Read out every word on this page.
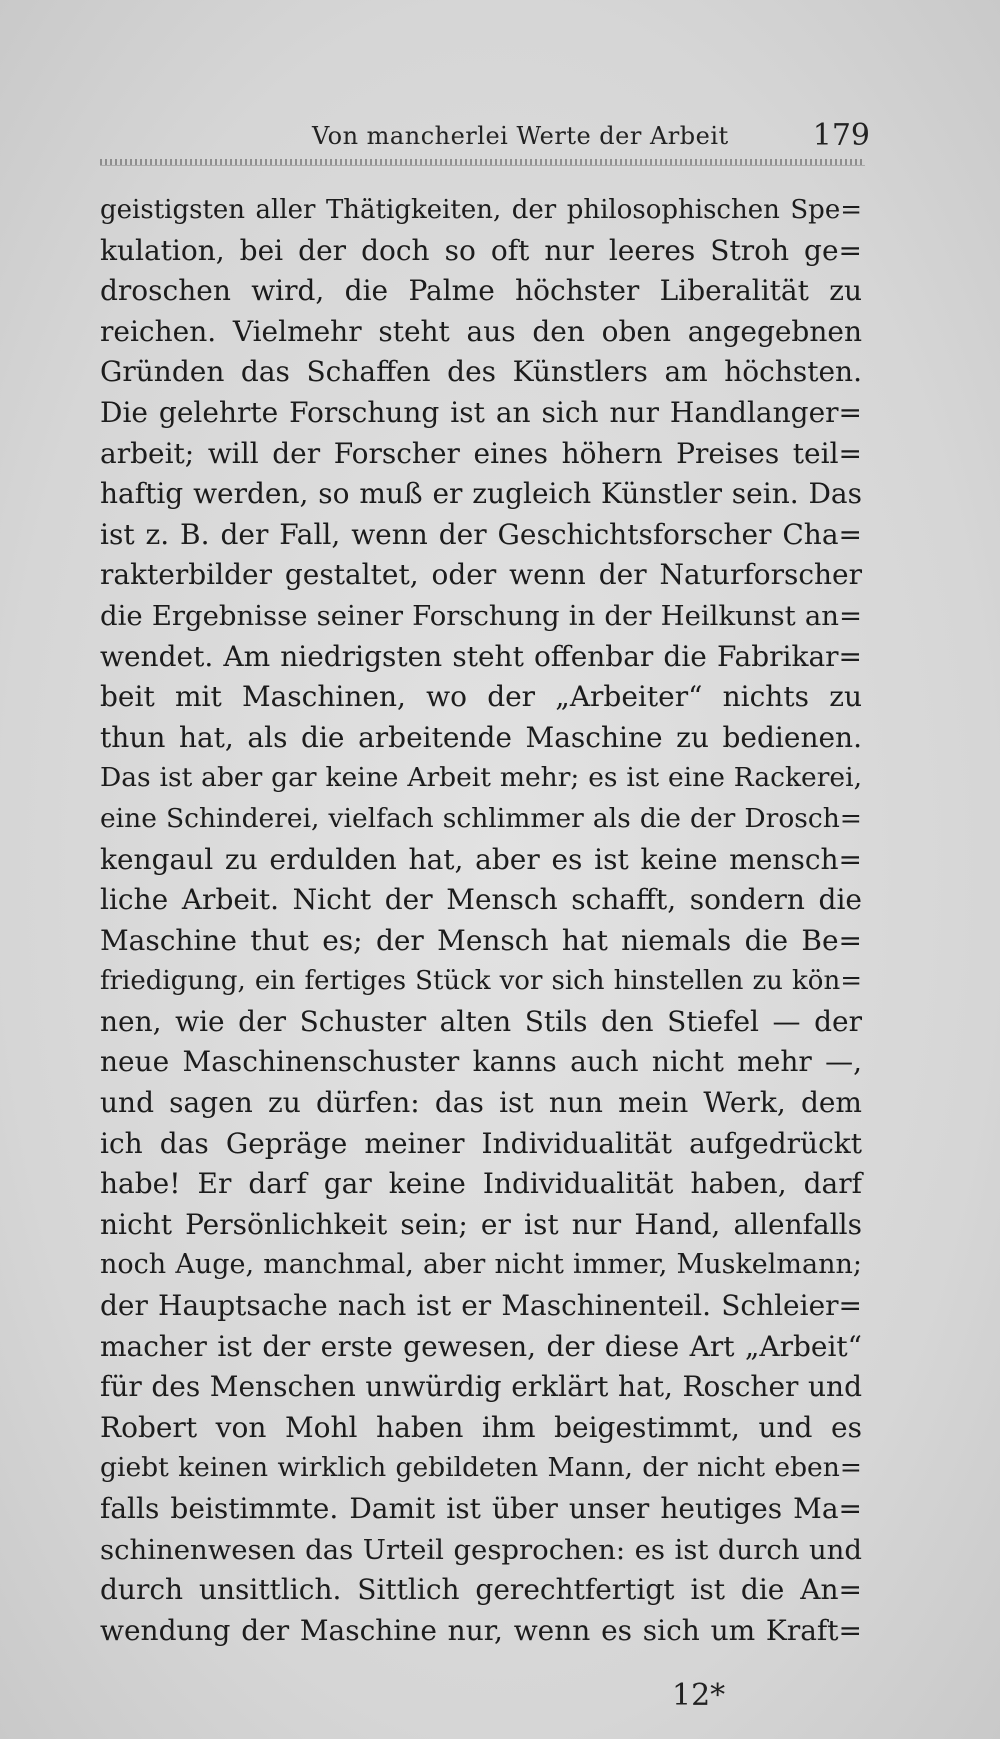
Von mancherlei Werte der Arbeit	179
geistigsten aller Thätigkeiten, der philosophischen Spe=
kulation, bei der doch so oft nur leeres Stroh ge=
droschen wird, die Palme höchster Liberalität zu
reichen. Vielmehr steht aus den oben angegebnen
Gründen das Schaffen des Künstlers am höchsten.
Die gelehrte Forschung ist an sich nur Handlanger=
arbeit; will der Forscher eines höhern Preises teil=
haftig werden, so muß er zugleich Künstler sein. Das
ist z. B. der Fall, wenn der Geschichtsforscher Cha=
rakterbilder gestaltet, oder wenn der Naturforscher
die Ergebnisse seiner Forschung in der Heilkunst an=
wendet. Am niedrigsten steht offenbar die Fabrikar=
beit mit Maschinen, wo der „Arbeiter“ nichts zu
thun hat, als die arbeitende Maschine zu bedienen.
Das ist aber gar keine Arbeit mehr; es ist eine Rackerei,
eine Schinderei, vielfach schlimmer als die der Drosch=
kengaul zu erdulden hat, aber es ist keine mensch=
liche Arbeit. Nicht der Mensch schafft, sondern die
Maschine thut es; der Mensch hat niemals die Be=
friedigung, ein fertiges Stück vor sich hinstellen zu kön=
nen, wie der Schuster alten Stils den Stiefel — der
neue Maschinenschuster kanns auch nicht mehr —,
und sagen zu dürfen: das ist nun mein Werk, dem
ich das Gepräge meiner Individualität aufgedrückt
habe! Er darf gar keine Individualität haben, darf
nicht Persönlichkeit sein; er ist nur Hand, allenfalls
noch Auge, manchmal, aber nicht immer, Muskelmann;
der Hauptsache nach ist er Maschinenteil. Schleier=
macher ist der erste gewesen, der diese Art „Arbeit“
für des Menschen unwürdig erklärt hat, Roscher und
Robert von Mohl haben ihm beigestimmt, und es
giebt keinen wirklich gebildeten Mann, der nicht eben=
falls beistimmte. Damit ist über unser heutiges Ma=
schinenwesen das Urteil gesprochen: es ist durch und
durch unsittlich. Sittlich gerechtfertigt ist die An=
wendung der Maschine nur, wenn es sich um Kraft=
12*
